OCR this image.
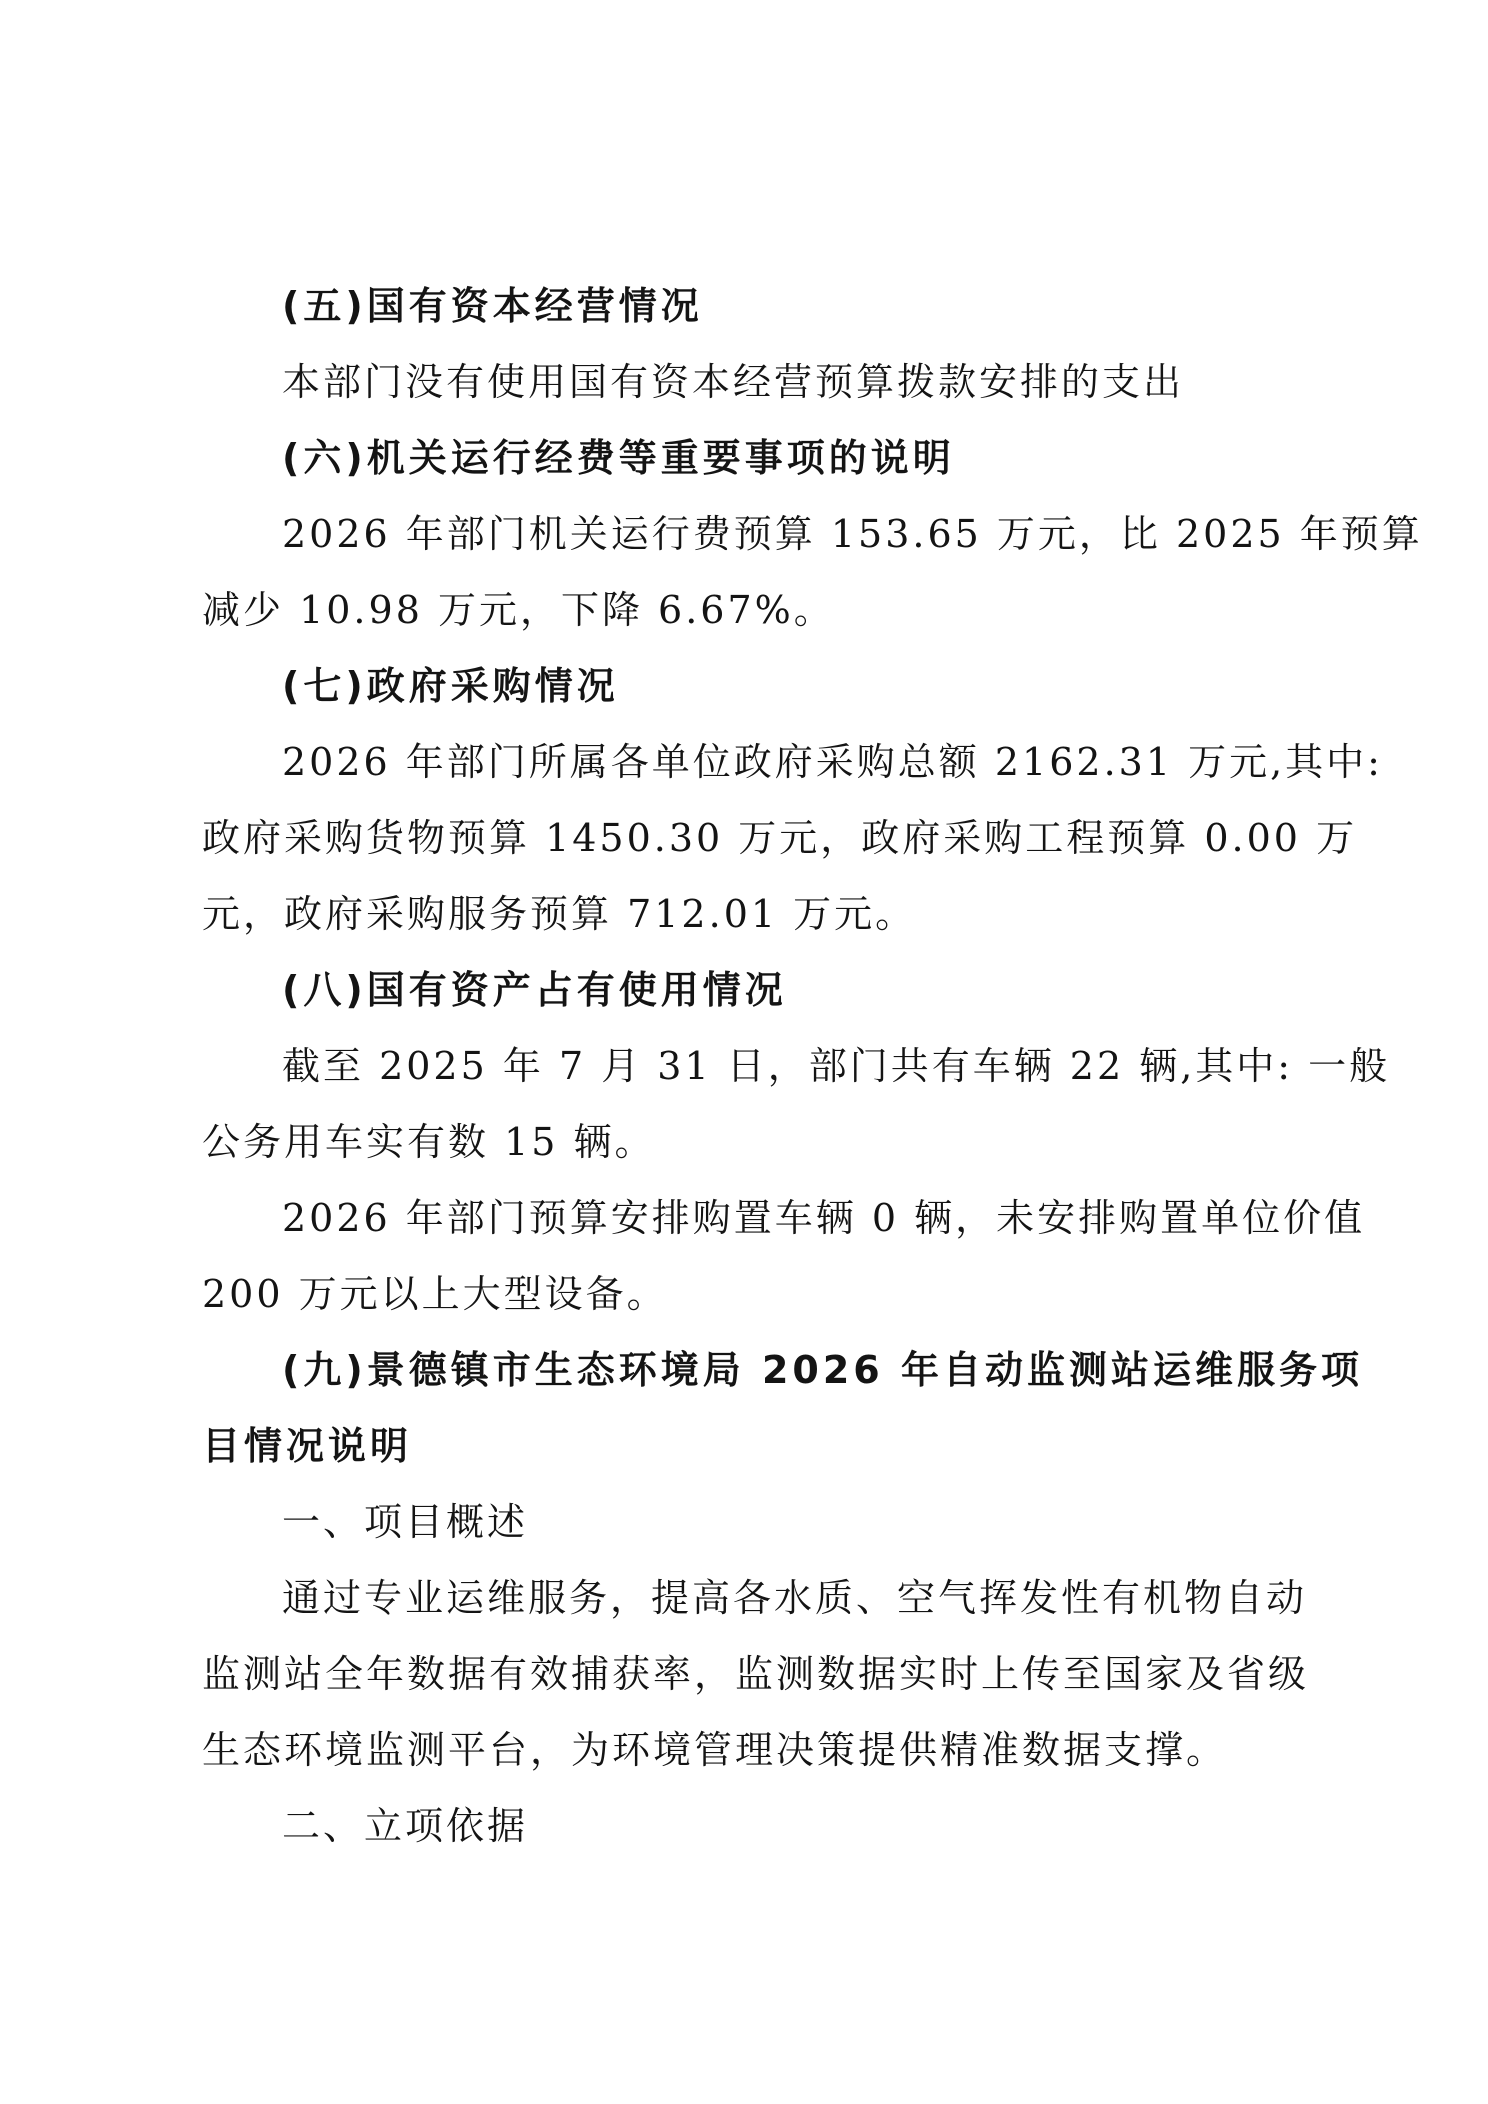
(五)国有资本经营情况
本部门没有使用国有资本经营预算拨款安排的支出
(六)机关运行经费等重要事项的说明
2026 年部门机关运行费预算 153.65 万元，比 2025 年预算
减少 10.98 万元，下降 6.67%。
(七)政府采购情况
2026 年部门所属各单位政府采购总额 2162.31 万元,其中:
政府采购货物预算 1450.30 万元，政府采购工程预算 0.00 万
元，政府采购服务预算 712.01 万元。
(八)国有资产占有使用情况
截至 2025 年 7 月 31 日，部门共有车辆 22 辆,其中: 一般
公务用车实有数 15 辆。
2026 年部门预算安排购置车辆 0 辆，未安排购置单位价值
200 万元以上大型设备。
(九)景德镇市生态环境局 2026 年自动监测站运维服务项
目情况说明
一、项目概述
通过专业运维服务，提高各水质、空气挥发性有机物自动
监测站全年数据有效捕获率，监测数据实时上传至国家及省级
生态环境监测平台，为环境管理决策提供精准数据支撑。
二、立项依据
